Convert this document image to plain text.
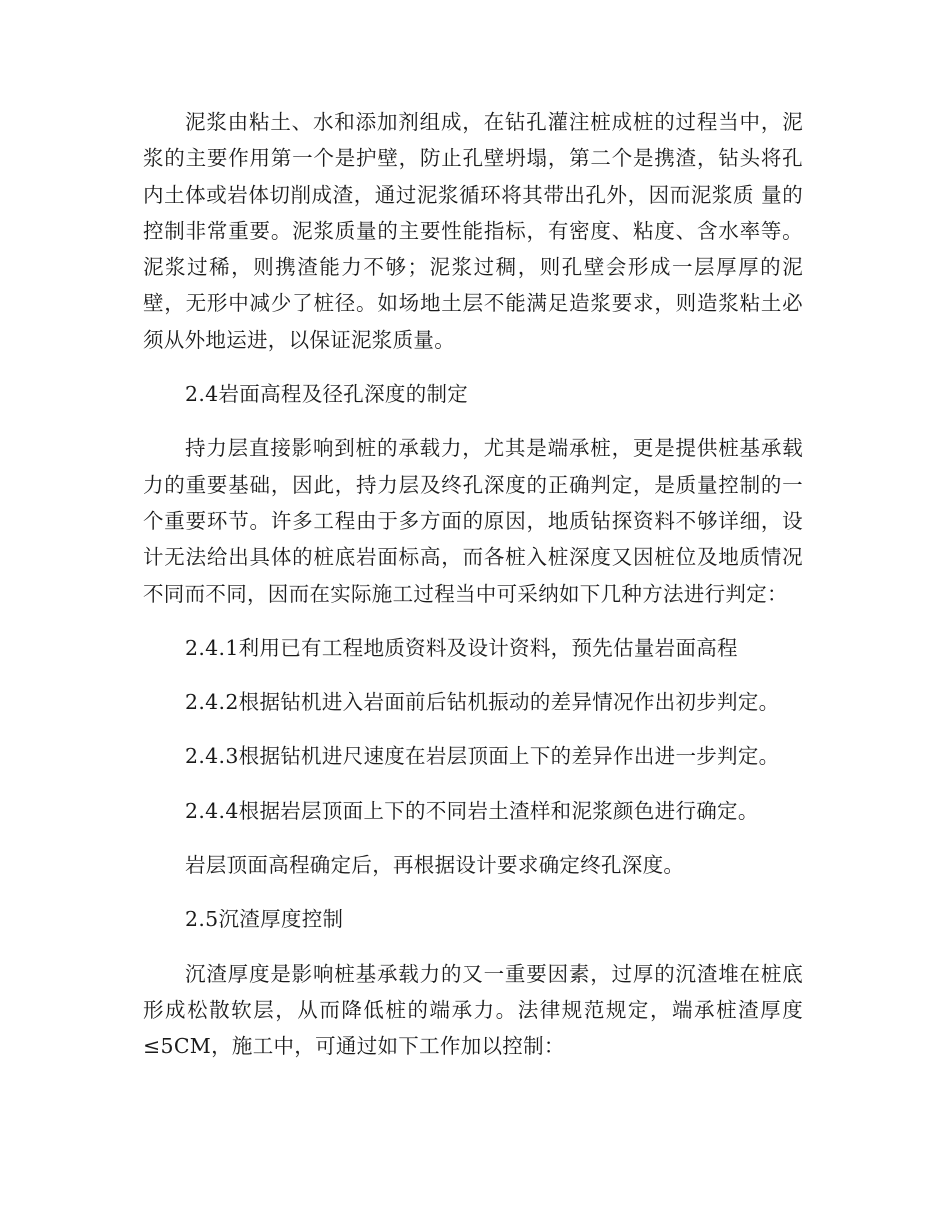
泥浆由粘土、水和添加剂组成，在钻孔灌注桩成桩的过程当中，泥浆的主要作用第一个是护壁，防止孔壁坍塌，第二个是携渣，钻头将孔内土体或岩体切削成渣，通过泥浆循环将其带出孔外，因而泥浆质 量的控制非常重要。泥浆质量的主要性能指标，有密度、粘度、含水率等。泥浆过稀，则携渣能力不够；泥浆过稠，则孔壁会形成一层厚厚的泥壁，无形中减少了桩径。如场地土层不能满足造浆要求，则造浆粘土必须从外地运进，以保证泥浆质量。

2.4岩面高程及径孔深度的制定

持力层直接影响到桩的承载力，尤其是端承桩，更是提供桩基承载力的重要基础，因此，持力层及终孔深度的正确判定，是质量控制的一个重要环节。许多工程由于多方面的原因，地质钻探资料不够详细，设计无法给出具体的桩底岩面标高，而各桩入桩深度又因桩位及地质情况不同而不同，因而在实际施工过程当中可采纳如下几种方法进行判定：

2.4.1利用已有工程地质资料及设计资料，预先估量岩面高程

2.4.2根据钻机进入岩面前后钻机振动的差异情况作出初步判定。

2.4.3根据钻机进尺速度在岩层顶面上下的差异作出进一步判定。

2.4.4根据岩层顶面上下的不同岩土渣样和泥浆颜色进行确定。

岩层顶面高程确定后，再根据设计要求确定终孔深度。

2.5沉渣厚度控制

沉渣厚度是影响桩基承载力的又一重要因素，过厚的沉渣堆在桩底形成松散软层，从而降低桩的端承力。法律规范规定，端承桩渣厚度≤5CM，施工中，可通过如下工作加以控制：
